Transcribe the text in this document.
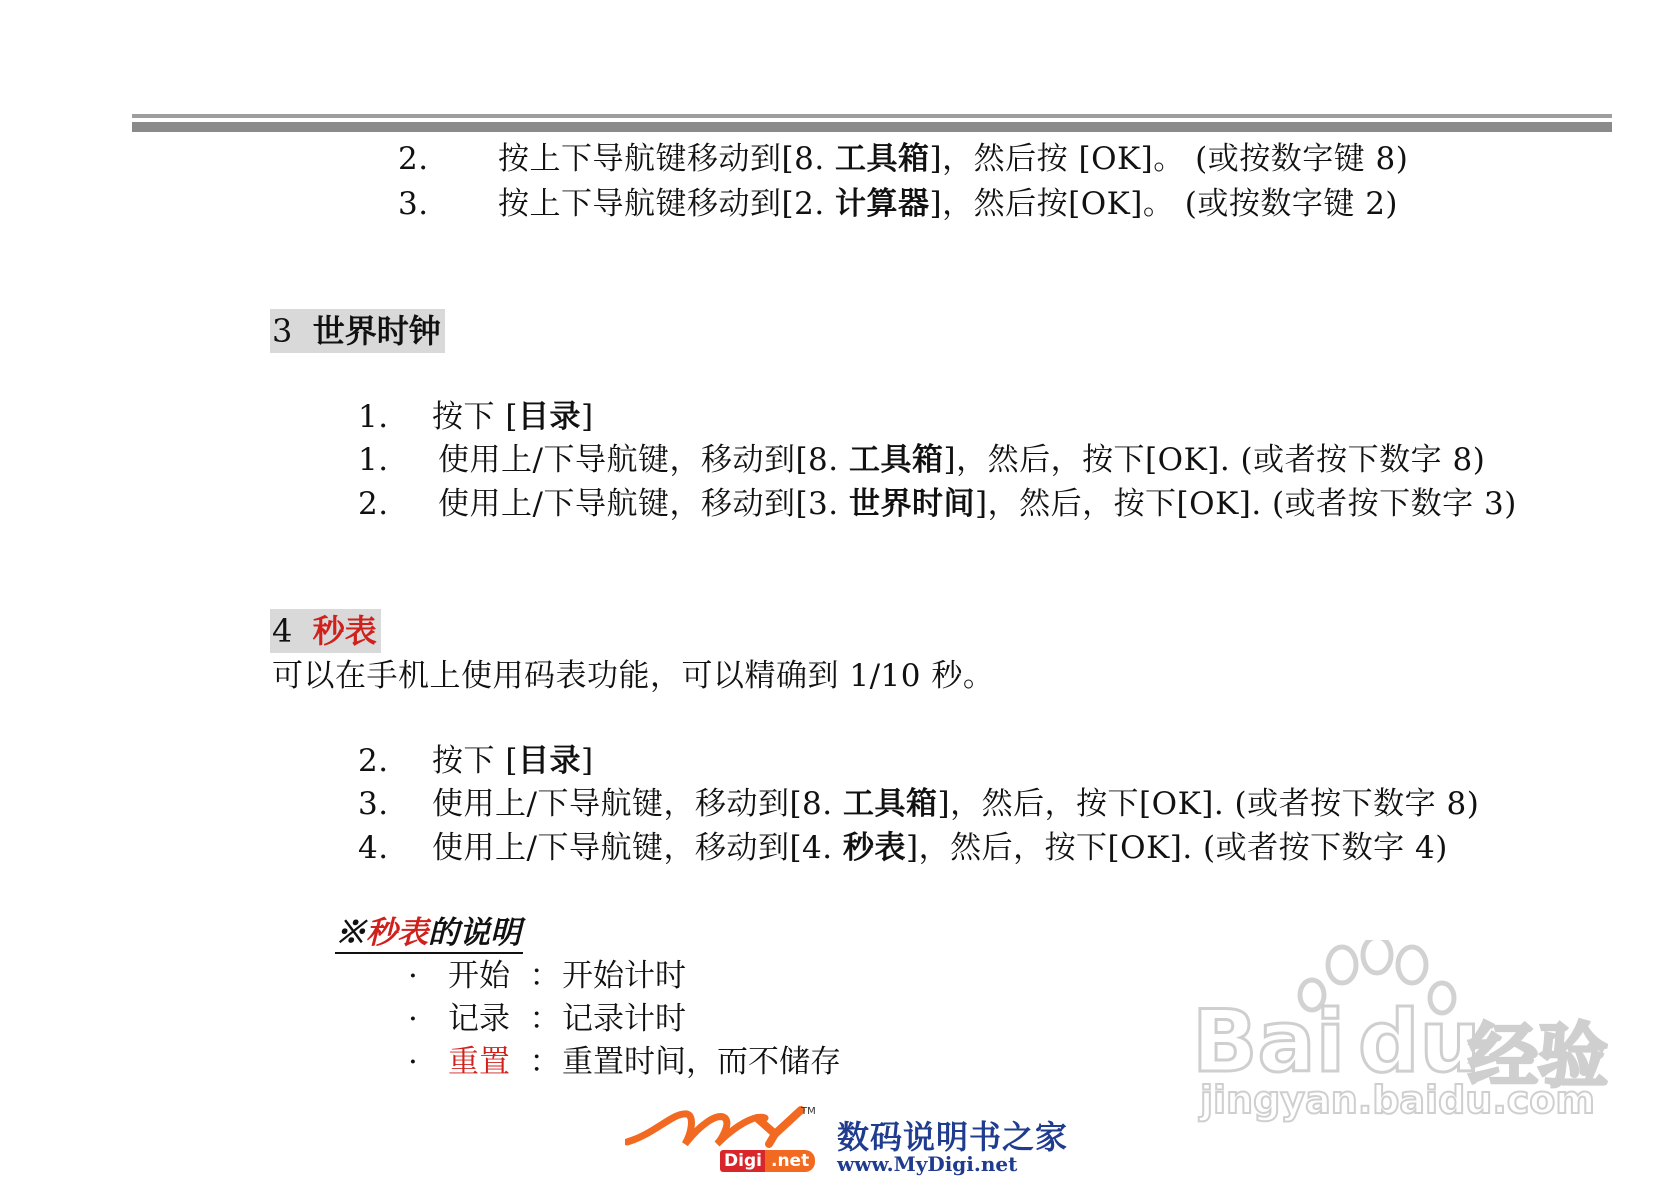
2. 按上下导航键移动到[8. 工具箱]，然后按 [OK]。 (或按数字键 8)
3. 按上下导航键移动到[2. 计算器]，然后按[OK]。 (或按数字键 2)
3 世界时钟
1. 按下 [目录]
1. 使用上/下导航键，移动到[8. 工具箱]，然后，按下[OK]. (或者按下数字 8)
2. 使用上/下导航键，移动到[3. 世界时间]，然后，按下[OK]. (或者按下数字 3)
4 秒表
可以在手机上使用码表功能，可以精确到 1/10 秒。
2. 按下 [目录]
3. 使用上/下导航键，移动到[8. 工具箱]，然后，按下[OK]. (或者按下数字 8)
4. 使用上/下导航键，移动到[4. 秒表]，然后，按下[OK]. (或者按下数字 4)
※秒表的说明
· 开始 ：开始计时
· 记录 ：记录计时
· 重置 ：重置时间，而不储存
TM
Digi .net
数码说明书之家
www.MyDigi.net
Bai du
经验
jingyan.baidu.com
